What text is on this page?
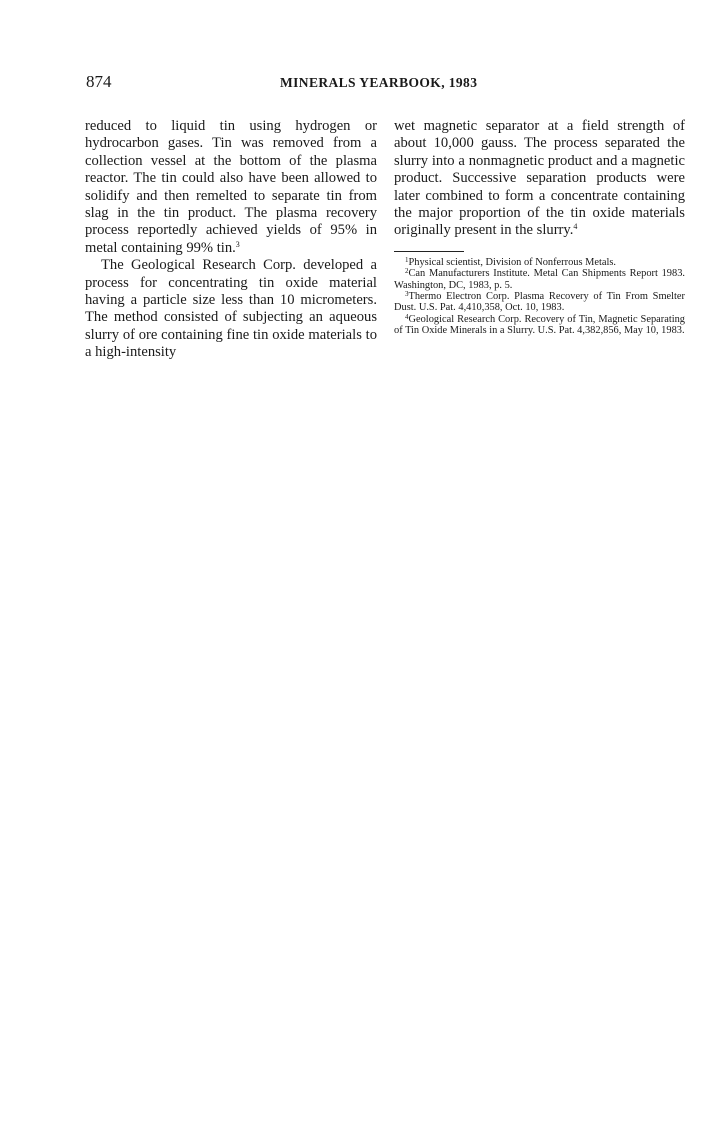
874	MINERALS YEARBOOK, 1983

reduced to liquid tin using hydrogen or hydrocarbon gases. Tin was removed from a collection vessel at the bottom of the plasma reactor. The tin could also have been allowed to solidify and then remelted to separate tin from slag in the tin product. The plasma recovery process reportedly achieved yields of 95% in metal containing 99% tin.$^3$

The Geological Research Corp. developed a process for concentrating tin oxide material having a particle size less than 10 micrometers. The method consisted of subjecting an aqueous slurry of ore containing fine tin oxide materials to a high-intensity

wet magnetic separator at a field strength of about 10,000 gauss. The process separated the slurry into a nonmagnetic product and a magnetic product. Successive separation products were later combined to form a concentrate containing the major proportion of the tin oxide materials originally present in the slurry.$^4$

$^1$Physical scientist, Division of Nonferrous Metals.

$^2$Can Manufacturers Institute. Metal Can Shipments Report 1983. Washington, DC, 1983, p. 5.

$^3$Thermo Electron Corp. Plasma Recovery of Tin From Smelter Dust. U.S. Pat. 4,410,358, Oct. 10, 1983.

$^4$Geological Research Corp. Recovery of Tin, Magnetic Separating of Tin Oxide Minerals in a Slurry. U.S. Pat. 4,382,856, May 10, 1983.
